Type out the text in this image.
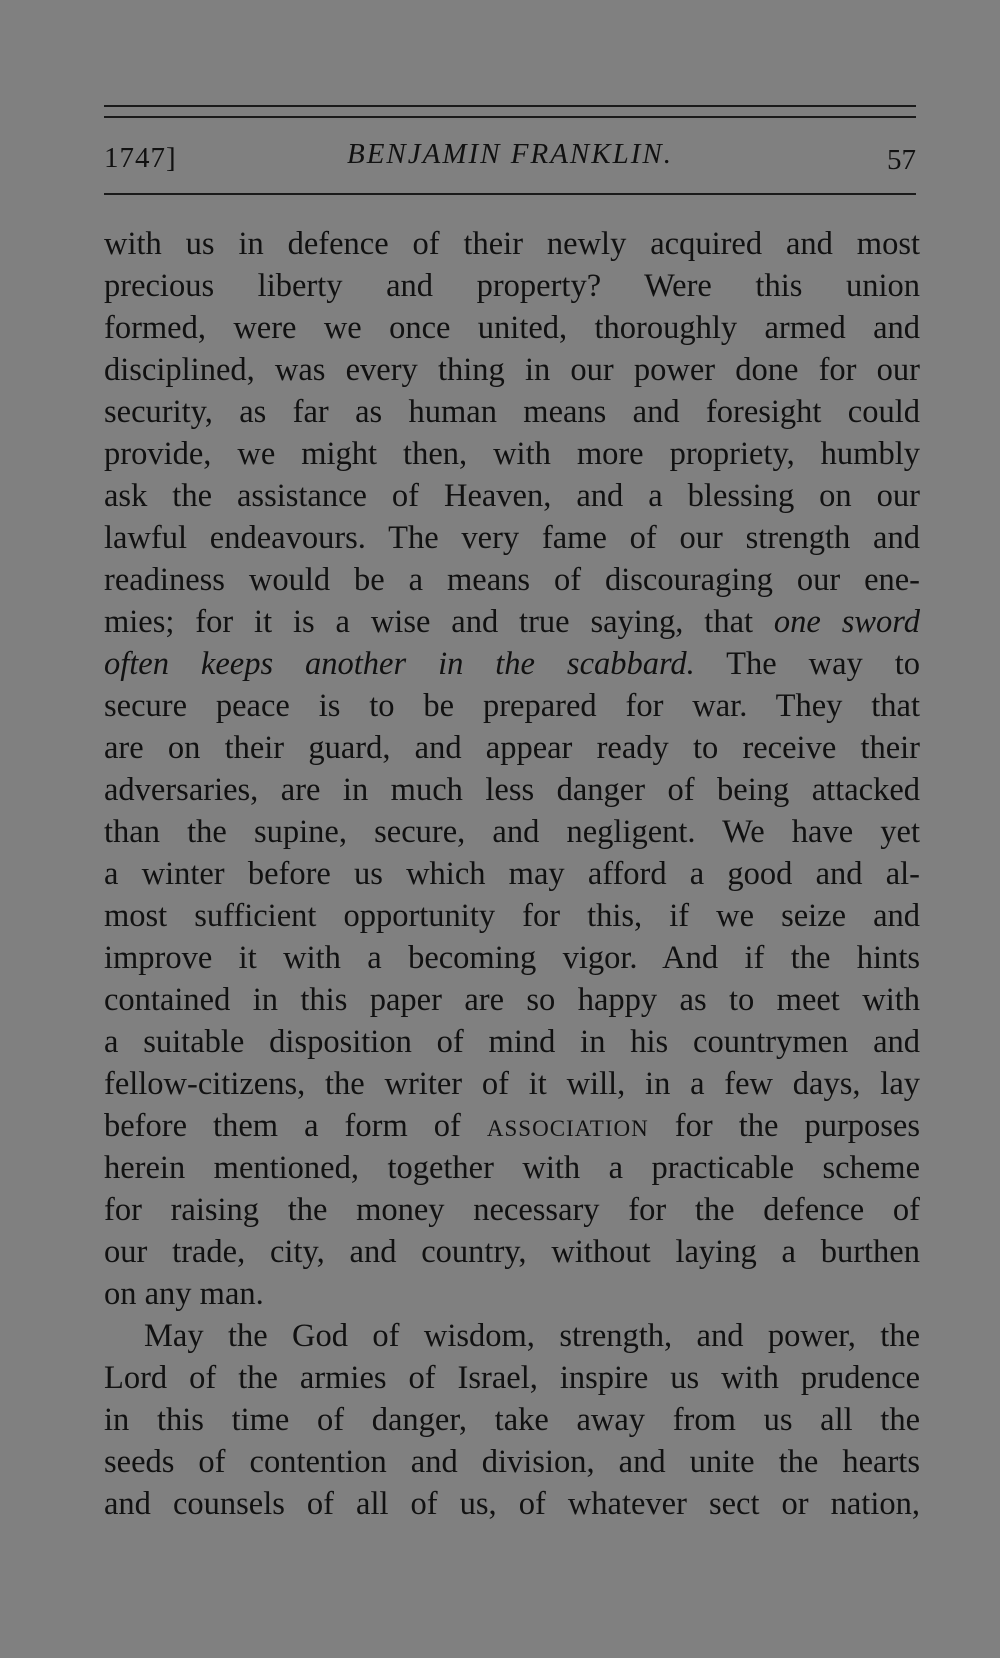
1747]	BENJAMIN FRANKLIN.	57
with us in defence of their newly acquired and most
precious liberty and property? Were this union
formed, were we once united, thoroughly armed and
disciplined, was every thing in our power done for our
security, as far as human means and foresight could
provide, we might then, with more propriety, humbly
ask the assistance of Heaven, and a blessing on our
lawful endeavours. The very fame of our strength and
readiness would be a means of discouraging our ene-
mies; for it is a wise and true saying, that one sword
often keeps another in the scabbard. The way to
secure peace is to be prepared for war. They that
are on their guard, and appear ready to receive their
adversaries, are in much less danger of being attacked
than the supine, secure, and negligent. We have yet
a winter before us which may afford a good and al-
most sufficient opportunity for this, if we seize and
improve it with a becoming vigor. And if the hints
contained in this paper are so happy as to meet with
a suitable disposition of mind in his countrymen and
fellow-citizens, the writer of it will, in a few days, lay
before them a form of association for the purposes
herein mentioned, together with a practicable scheme
for raising the money necessary for the defence of
our trade, city, and country, without laying a burthen
on any man.
May the God of wisdom, strength, and power, the
Lord of the armies of Israel, inspire us with prudence
in this time of danger, take away from us all the
seeds of contention and division, and unite the hearts
and counsels of all of us, of whatever sect or nation,
